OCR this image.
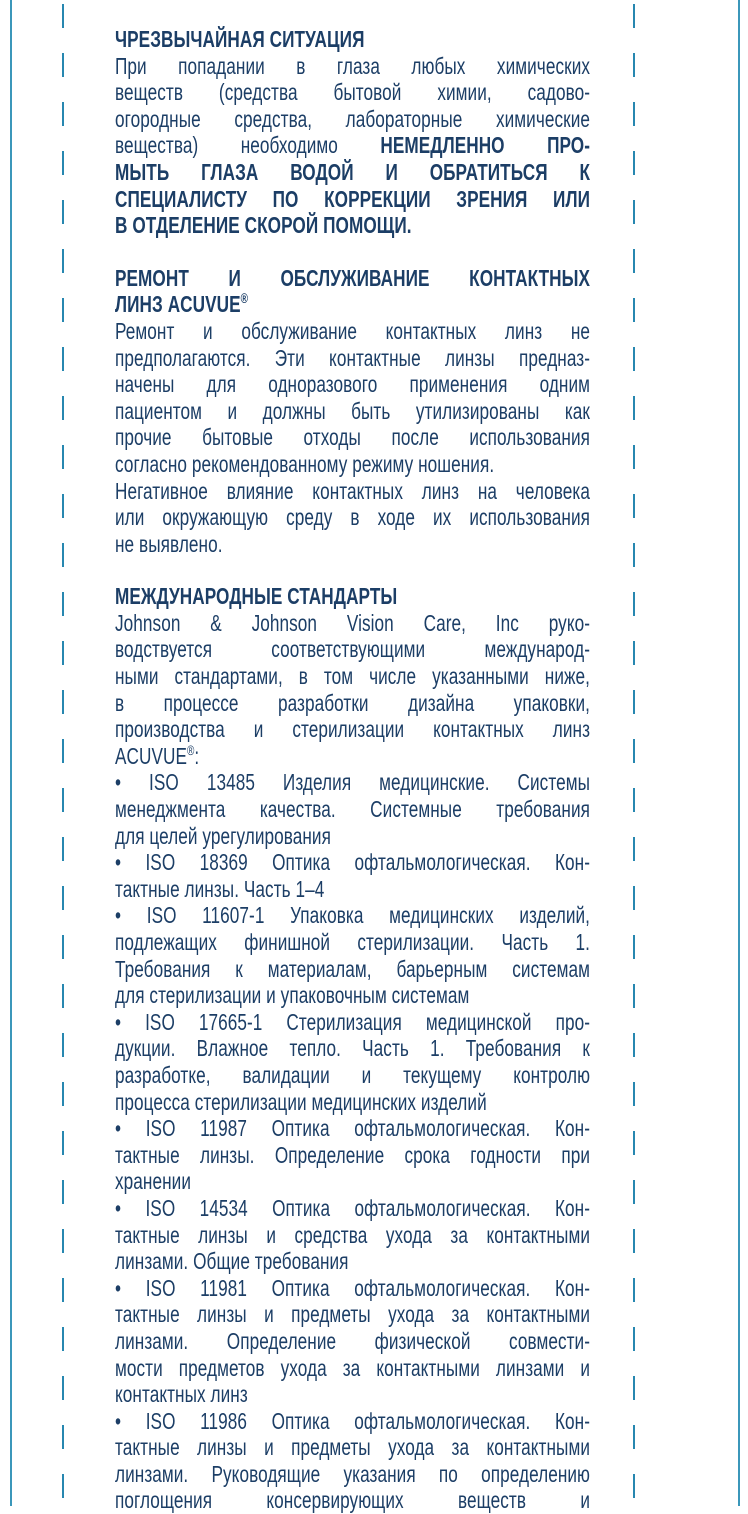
ЧРЕЗВЫЧАЙНАЯ СИТУАЦИЯ

При попадании в глаза любых химических
веществ (средства бытовой химии, садово-
огородные средства, лабораторные химические
вещества) необходимо НЕМЕДЛЕННО ПРО-
МЫТЬ ГЛАЗА ВОДОЙ И ОБРАТИТЬСЯ К
СПЕЦИАЛИСТУ ПО КОРРЕКЦИИ ЗРЕНИЯ ИЛИ
В ОТДЕЛЕНИЕ СКОРОЙ ПОМОЩИ.

РЕМОНТ И ОБСЛУЖИВАНИЕ КОНТАКТНЫХ
ЛИНЗ ACUVUE®

Ремонт и обслуживание контактных линз не
предполагаются. Эти контактные линзы предназ-
начены для одноразового применения одним
пациентом и должны быть утилизированы как
прочие бытовые отходы после использования
согласно рекомендованному режиму ношения.

Негативное влияние контактных линз на человека
или окружающую среду в ходе их использования
не выявлено.

МЕЖДУНАРОДНЫЕ СТАНДАРТЫ

Johnson & Johnson Vision Care, Inc руко-
водствуется соответствующими международ-
ными стандартами, в том числе указанными ниже,
в процессе разработки дизайна упаковки,
производства и стерилизации контактных линз
ACUVUE®:

• ISO 13485 Изделия медицинские. Системы
менеджмента качества. Системные требования
для целей урегулирования

• ISO 18369 Оптика офтальмологическая. Кон-
тактные линзы. Часть 1–4

• ISO 11607-1 Упаковка медицинских изделий,
подлежащих финишной стерилизации. Часть 1.
Требования к материалам, барьерным системам
для стерилизации и упаковочным системам

• ISO 17665-1 Стерилизация медицинской про-
дукции. Влажное тепло. Часть 1. Требования к
разработке, валидации и текущему контролю
процесса стерилизации медицинских изделий

• ISO 11987 Оптика офтальмологическая. Кон-
тактные линзы. Определение срока годности при
хранении

• ISO 14534 Оптика офтальмологическая. Кон-
тактные линзы и средства ухода за контактными
линзами. Общие требования

• ISO 11981 Оптика офтальмологическая. Кон-
тактные линзы и предметы ухода за контактными
линзами. Определение физической совмести-
мости предметов ухода за контактными линзами и
контактных линз

• ISO 11986 Оптика офтальмологическая. Кон-
тактные линзы и предметы ухода за контактными
линзами. Руководящие указания по определению
поглощения консервирующих веществ и
